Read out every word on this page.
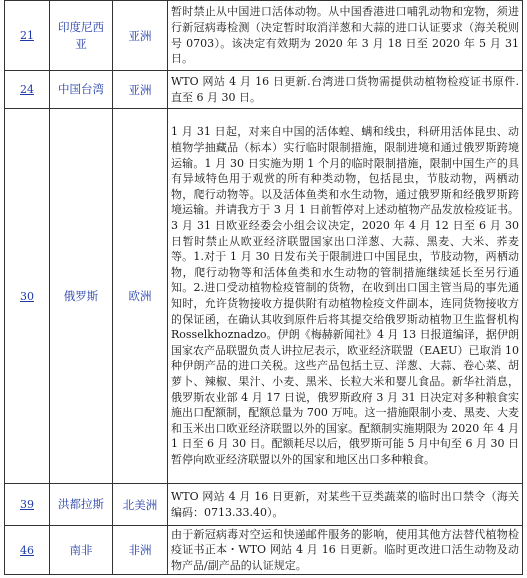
21	印度尼西亚	亚洲	暂时禁止从中国进口活体动物。从中国香港进口哺乳动物和宠物，须进行新冠病毒检测（决定暂时取消洋葱和大蒜的进口认证要求（海关税则号 0703）。该决定有效期为 2020 年 3 月 18 日至 2020 年 5 月 31 日。
24	中国台湾	亚洲	WTO 网站 4 月 16 日更新.台湾进口货物需提供动植物检疫证书原件.直至 6 月 30 日。
30	俄罗斯	欧洲	1 月 31 日起，对来自中国的活体蝗、螨和线虫，科研用活体昆虫、动植物学抽藏品（标本）实行临时限制措施，限制进境和通过俄罗斯跨境运输。1 月 30 日实施为期 1 个月的临时限制措施，限制中国生产的具有异域特色用于观赏的所有种类动物，包括昆虫，节肢动物，两栖动物，爬行动物等。以及活体鱼类和水生动物，通过俄罗斯和经俄罗斯跨境运输。并请我方于 3 月 1 日前暂停对上述动植物产品发放检疫证书。3 月 31 日欧亚经委会小组会议决定，2020 年 4 月 12 日至 6 月 30 日暂时禁止从欧亚经济联盟国家出口洋葱、大蒜、黑麦、大米、荞麦等。1.对于 1 月 30 日发布关于限制进口中国昆虫，节肢动物，两栖动物，爬行动物等和活体鱼类和水生动物的管制措施继续延长至另行通知。2.进口受动植物检疫管制的货物，在收到出口国主管当局的事先通知时，允许货物接收方提供附有动植物检疫文件副本，连同货物接收方的保证函，在确认其收到原件后将其提交给俄罗斯动植物卫生监督机构 Rosselkhoznadzo。伊朗《梅赫新闻社》4 月 13 日报道编译，据伊朗国家农产品联盟负责人讲拉尼表示，欧亚经济联盟（EAEU）已取消 10 种伊朗产品的进口关税。这些产品包括土豆、洋葱、大蒜、卷心菜、胡萝卜、辣椒、果汁、小麦、黑米、长粒大米和婴儿食品。新华社消息，俄罗斯农业部 4 月 17 日说，俄罗斯政府 3 月 31 日决定对多种粮食实施出口配额制，配额总量为 700 万吨。这一措施限制小麦、黑麦、大麦和玉米出口欧亚经济联盟以外的国家。配额制实施期限为 2020 年 4 月 1 日至 6 月 30 日。配额耗尽以后，俄罗斯可能 5 月中旬至 6 月 30 日暂停向欧亚经济联盟以外的国家和地区出口多种粮食。
39	洪都拉斯	北美洲	WTO 网站 4 月 16 日更新，对某些干豆类蔬菜的临时出口禁令（海关编码：0713.33.40）。
46	南非	非洲	由于新冠病毒对空运和快递邮件服务的影响，使用其他方法替代植物检疫证书正本・WTO 网站 4 月 16 日更新。临时更改进口活生动物及动物产品/副产品的认证规定。
